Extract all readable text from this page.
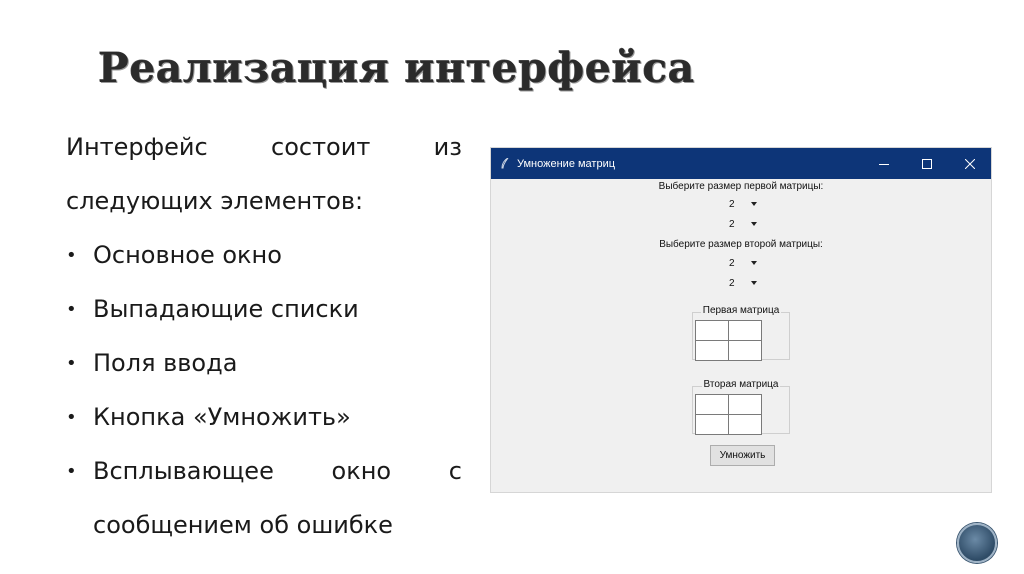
Реализация интерфейса
Интерфейс	состоит	из
следующих элементов:
• Основное окно
• Выпадающие списки
• Поля ввода
• Кнопка «Умножить»
• Всплывающее окно с
сообщением об ошибке
Умножение матриц
Выберите размер первой матрицы:
2
2
Выберите размер второй матрицы:
2
2
Первая матрица
Вторая матрица
Умножить
